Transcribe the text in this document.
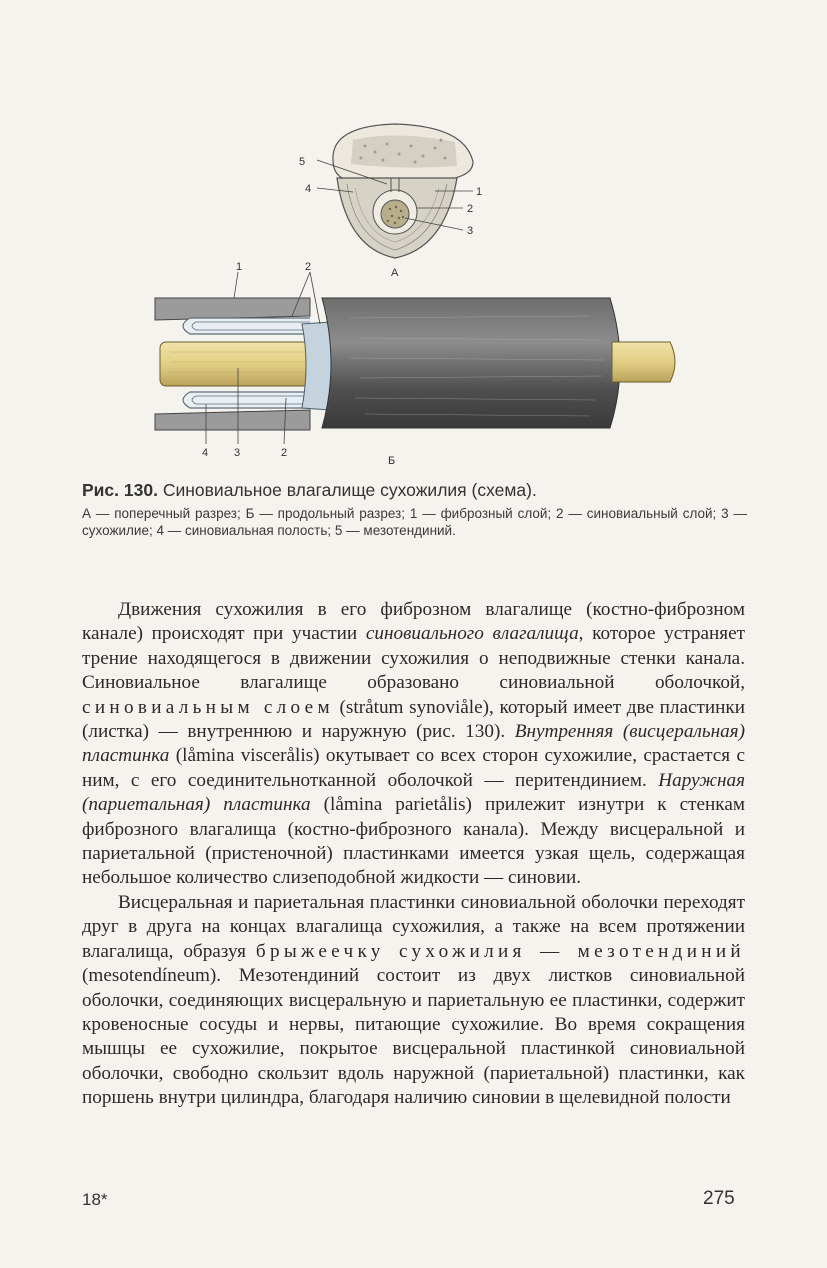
5
4	1
2
3
А
1	2
4 3	2
Б
Рис. 130. Синовиальное влагалище сухожилия (схема).
А — поперечный разрез; Б — продольный разрез; 1 — фиброзный слой; 2 — синовиальный слой; 3 — сухожилие; 4 — синовиальная полость; 5 — мезотендиний.

Движения сухожилия в его фиброзном влагалище (костно-фиброзном канале) происходят при участии синовиального влагалища, которое устраняет трение находящегося в движении сухожилия о неподвижные стенки канала. Синовиальное влагалище образовано синовиальной оболочкой, синовиальным слоем (stråtum synoviåle), который имеет две пластинки (листка) — внутреннюю и наружную (рис. 130). Внутренняя (висцеральная) пластинка (låmina viscerålis) окутывает со всех сторон сухожилие, срастается с ним, с его соединительнотканной оболочкой — перитендинием. Наружная (париетальная) пластинка (låmina parietålis) прилежит изнутри к стенкам фиброзного влагалища (костно-фиброзного канала). Между висцеральной и париетальной (пристеночной) пластинками имеется узкая щель, содержащая небольшое количество слизеподобной жидкости — синовии.

Висцеральная и париетальная пластинки синовиальной оболочки переходят друг в друга на концах влагалища сухожилия, а также на всем протяжении влагалища, образуя брыжеечку сухожилия — мезотендиний (mesotendíneum). Мезотендиний состоит из двух листков синовиальной оболочки, соединяющих висцеральную и париетальную ее пластинки, содержит кровеносные сосуды и нервы, питающие сухожилие. Во время сокращения мышцы ее сухожилие, покрытое висцеральной пластинкой синовиальной оболочки, свободно скользит вдоль наружной (париетальной) пластинки, как поршень внутри цилиндра, благодаря наличию синовии в щелевидной полости

18*	275
